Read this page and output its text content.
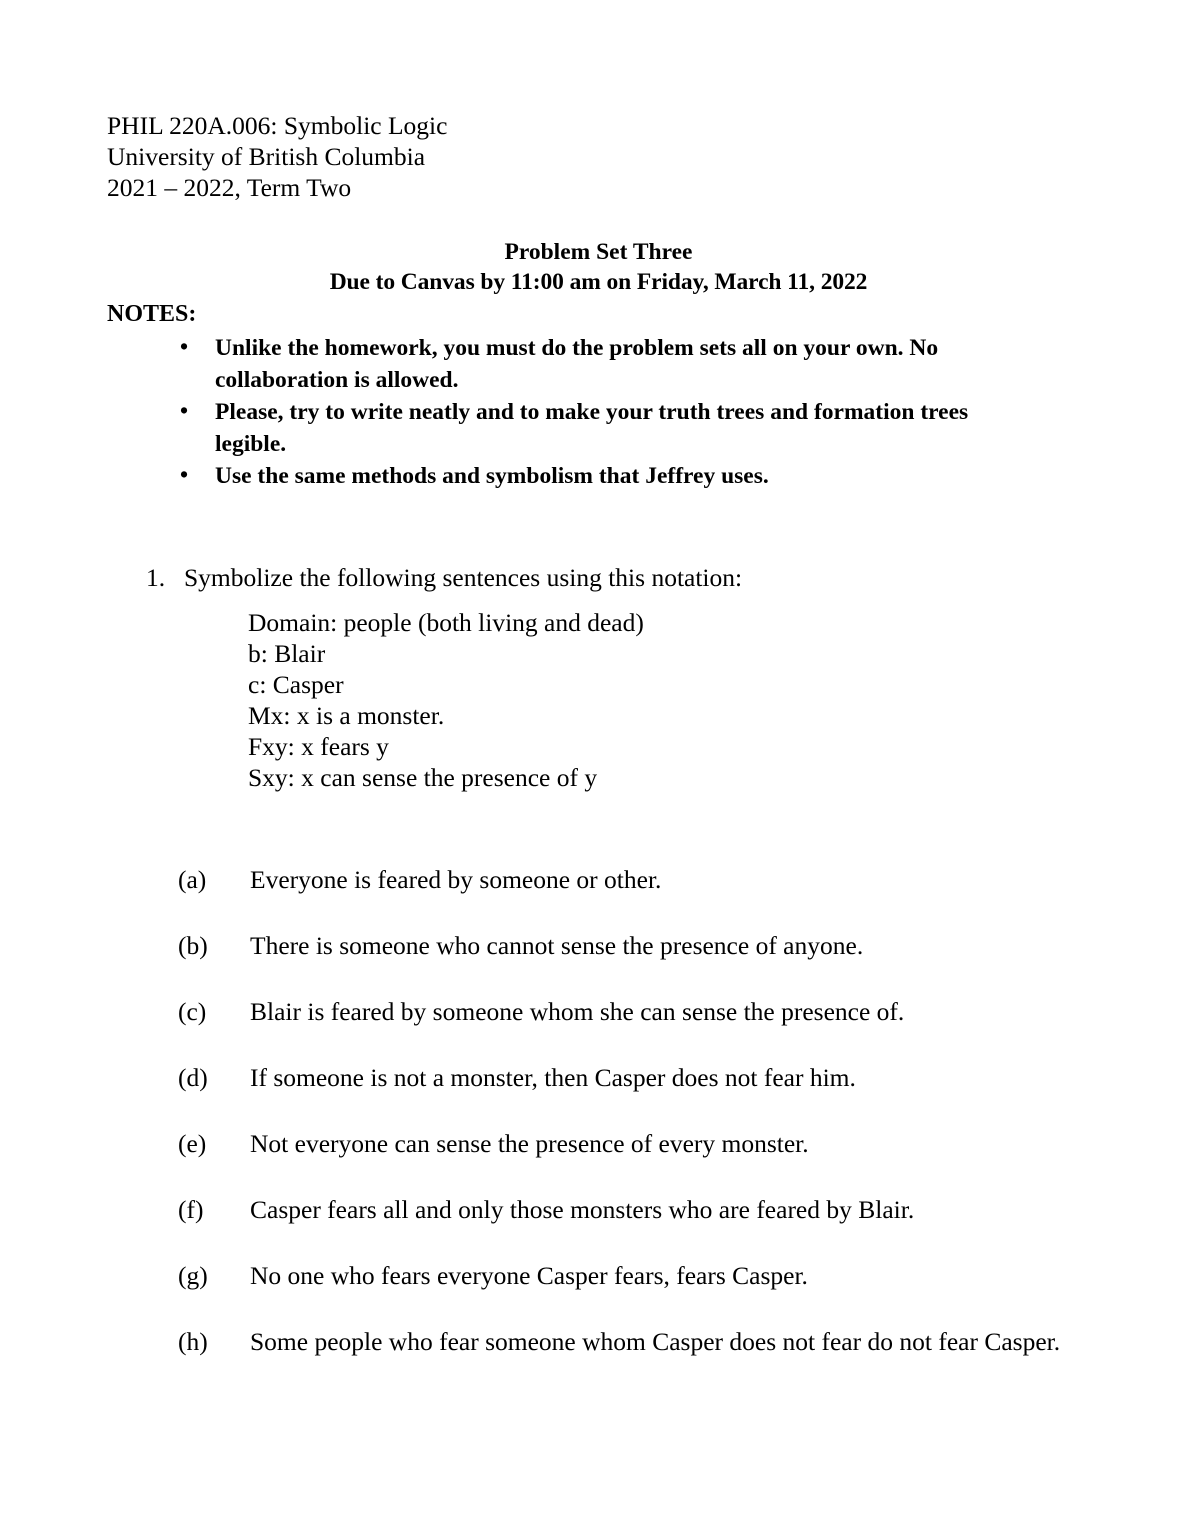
PHIL 220A.006: Symbolic Logic
University of British Columbia
2021 – 2022, Term Two
Problem Set Three
Due to Canvas by 11:00 am on Friday, March 11, 2022
NOTES:
• Unlike the homework, you must do the problem sets all on your own. No collaboration is allowed.
• Please, try to write neatly and to make your truth trees and formation trees legible.
• Use the same methods and symbolism that Jeffrey uses.
1. Symbolize the following sentences using this notation:
Domain: people (both living and dead)
b: Blair
c: Casper
Mx: x is a monster.
Fxy: x fears y
Sxy: x can sense the presence of y
(a)	Everyone is feared by someone or other.
(b)	There is someone who cannot sense the presence of anyone.
(c)	Blair is feared by someone whom she can sense the presence of.
(d)	If someone is not a monster, then Casper does not fear him.
(e)	Not everyone can sense the presence of every monster.
(f)	Casper fears all and only those monsters who are feared by Blair.
(g)	No one who fears everyone Casper fears, fears Casper.
(h)	Some people who fear someone whom Casper does not fear do not fear Casper.
